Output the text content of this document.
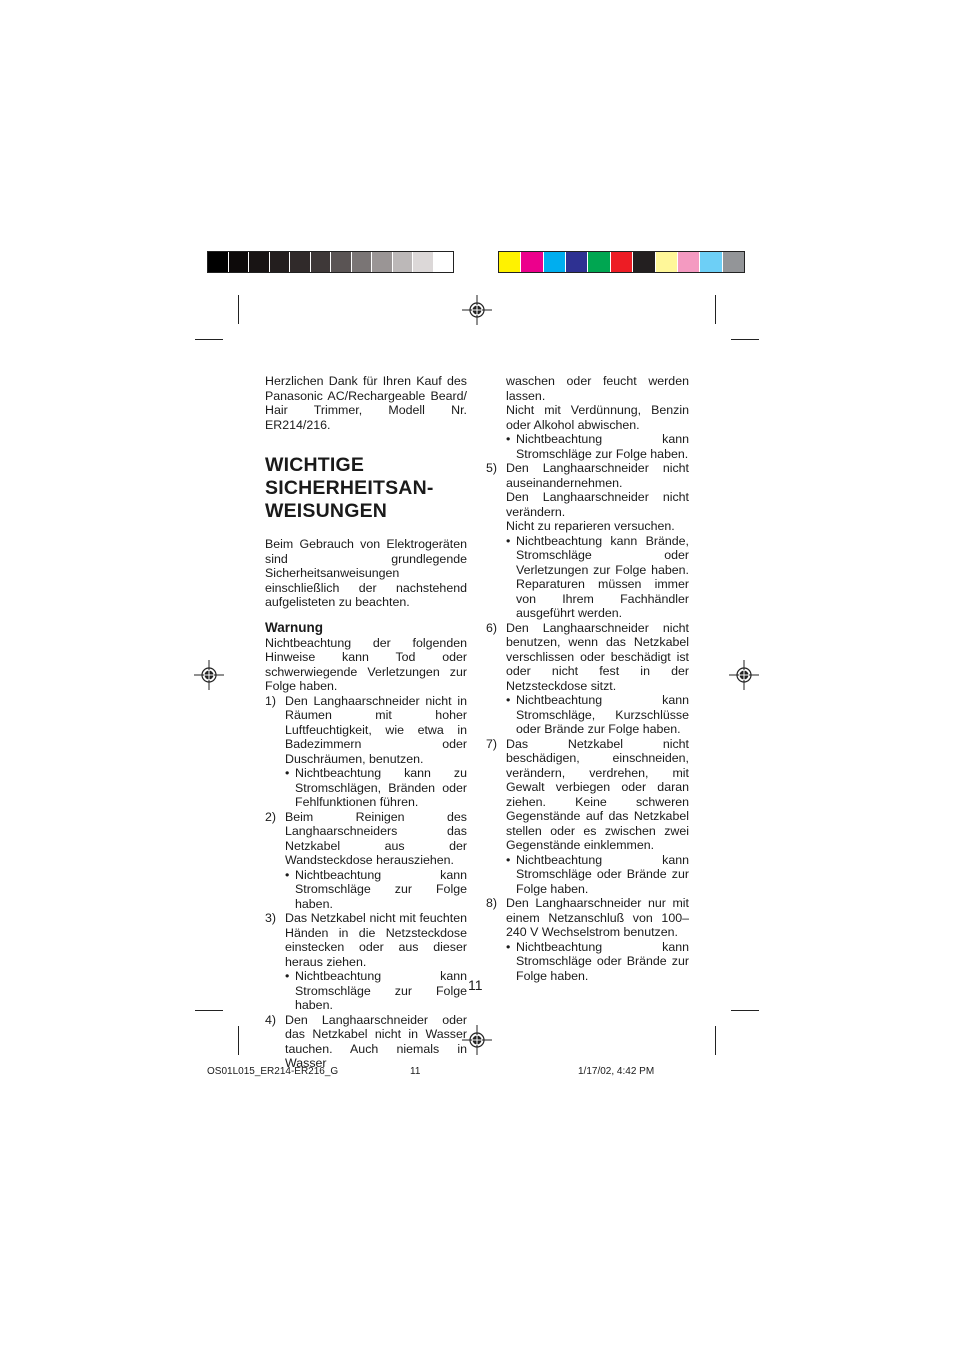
Herzlichen Dank für Ihren Kauf des Panasonic AC/Rechargeable Beard/ Hair Trimmer, Modell Nr. ER214/216.

WICHTIGE
SICHERHEITSAN-
WEISUNGEN

Beim Gebrauch von Elektrogeräten sind grundlegende Sicherheitsanweisungen einschließlich der nachstehend aufgelisteten zu beachten.

Warnung

Nichtbeachtung der folgenden Hinweise kann Tod oder schwerwiegende Verletzungen zur Folge haben.

1) Den Langhaarschneider nicht in Räumen mit hoher Luftfeuchtigkeit, wie etwa in Badezimmern oder Duschräumen, benutzen.
• Nichtbeachtung kann zu Stromschlägen, Bränden oder Fehlfunktionen führen.
2) Beim Reinigen des Langhaarschneiders das Netzkabel aus der Wandsteckdose herausziehen.
• Nichtbeachtung kann Stromschläge zur Folge haben.
3) Das Netzkabel nicht mit feuchten Händen in die Netzsteckdose einstecken oder aus dieser heraus ziehen.
• Nichtbeachtung kann Stromschläge zur Folge haben.
4) Den Langhaarschneider oder das Netzkabel nicht in Wasser tauchen. Auch niemals in Wasser

waschen oder feucht werden lassen.

Nicht mit Verdünnung, Benzin oder Alkohol abwischen.

• Nichtbeachtung kann Stromschläge zur Folge haben.
5) Den Langhaarschneider nicht auseinandernehmen.

Den Langhaarschneider nicht verändern.

Nicht zu reparieren versuchen.

• Nichtbeachtung kann Brände, Stromschläge oder Verletzungen zur Folge haben. Reparaturen müssen immer von Ihrem Fachhändler ausgeführt werden.
6) Den Langhaarschneider nicht benutzen, wenn das Netzkabel verschlissen oder beschädigt ist oder nicht fest in der Netzsteckdose sitzt.

• Nichtbeachtung kann Stromschläge, Kurzschlüsse oder Brände zur Folge haben.
7) Das Netzkabel nicht beschädigen, einschneiden, verändern, verdrehen, mit Gewalt verbiegen oder daran ziehen. Keine schweren Gegenstände auf das Netzkabel stellen oder es zwischen zwei Gegenstände einklemmen.

• Nichtbeachtung kann Stromschläge oder Brände zur Folge haben.
8) Den Langhaarschneider nur mit einem Netzanschluß von 100–240 V Wechselstrom benutzen.

• Nichtbeachtung kann Stromschläge oder Brände zur Folge haben.
11
OS01L015_ER214-ER216_G	11	1/17/02, 4:42 PM
